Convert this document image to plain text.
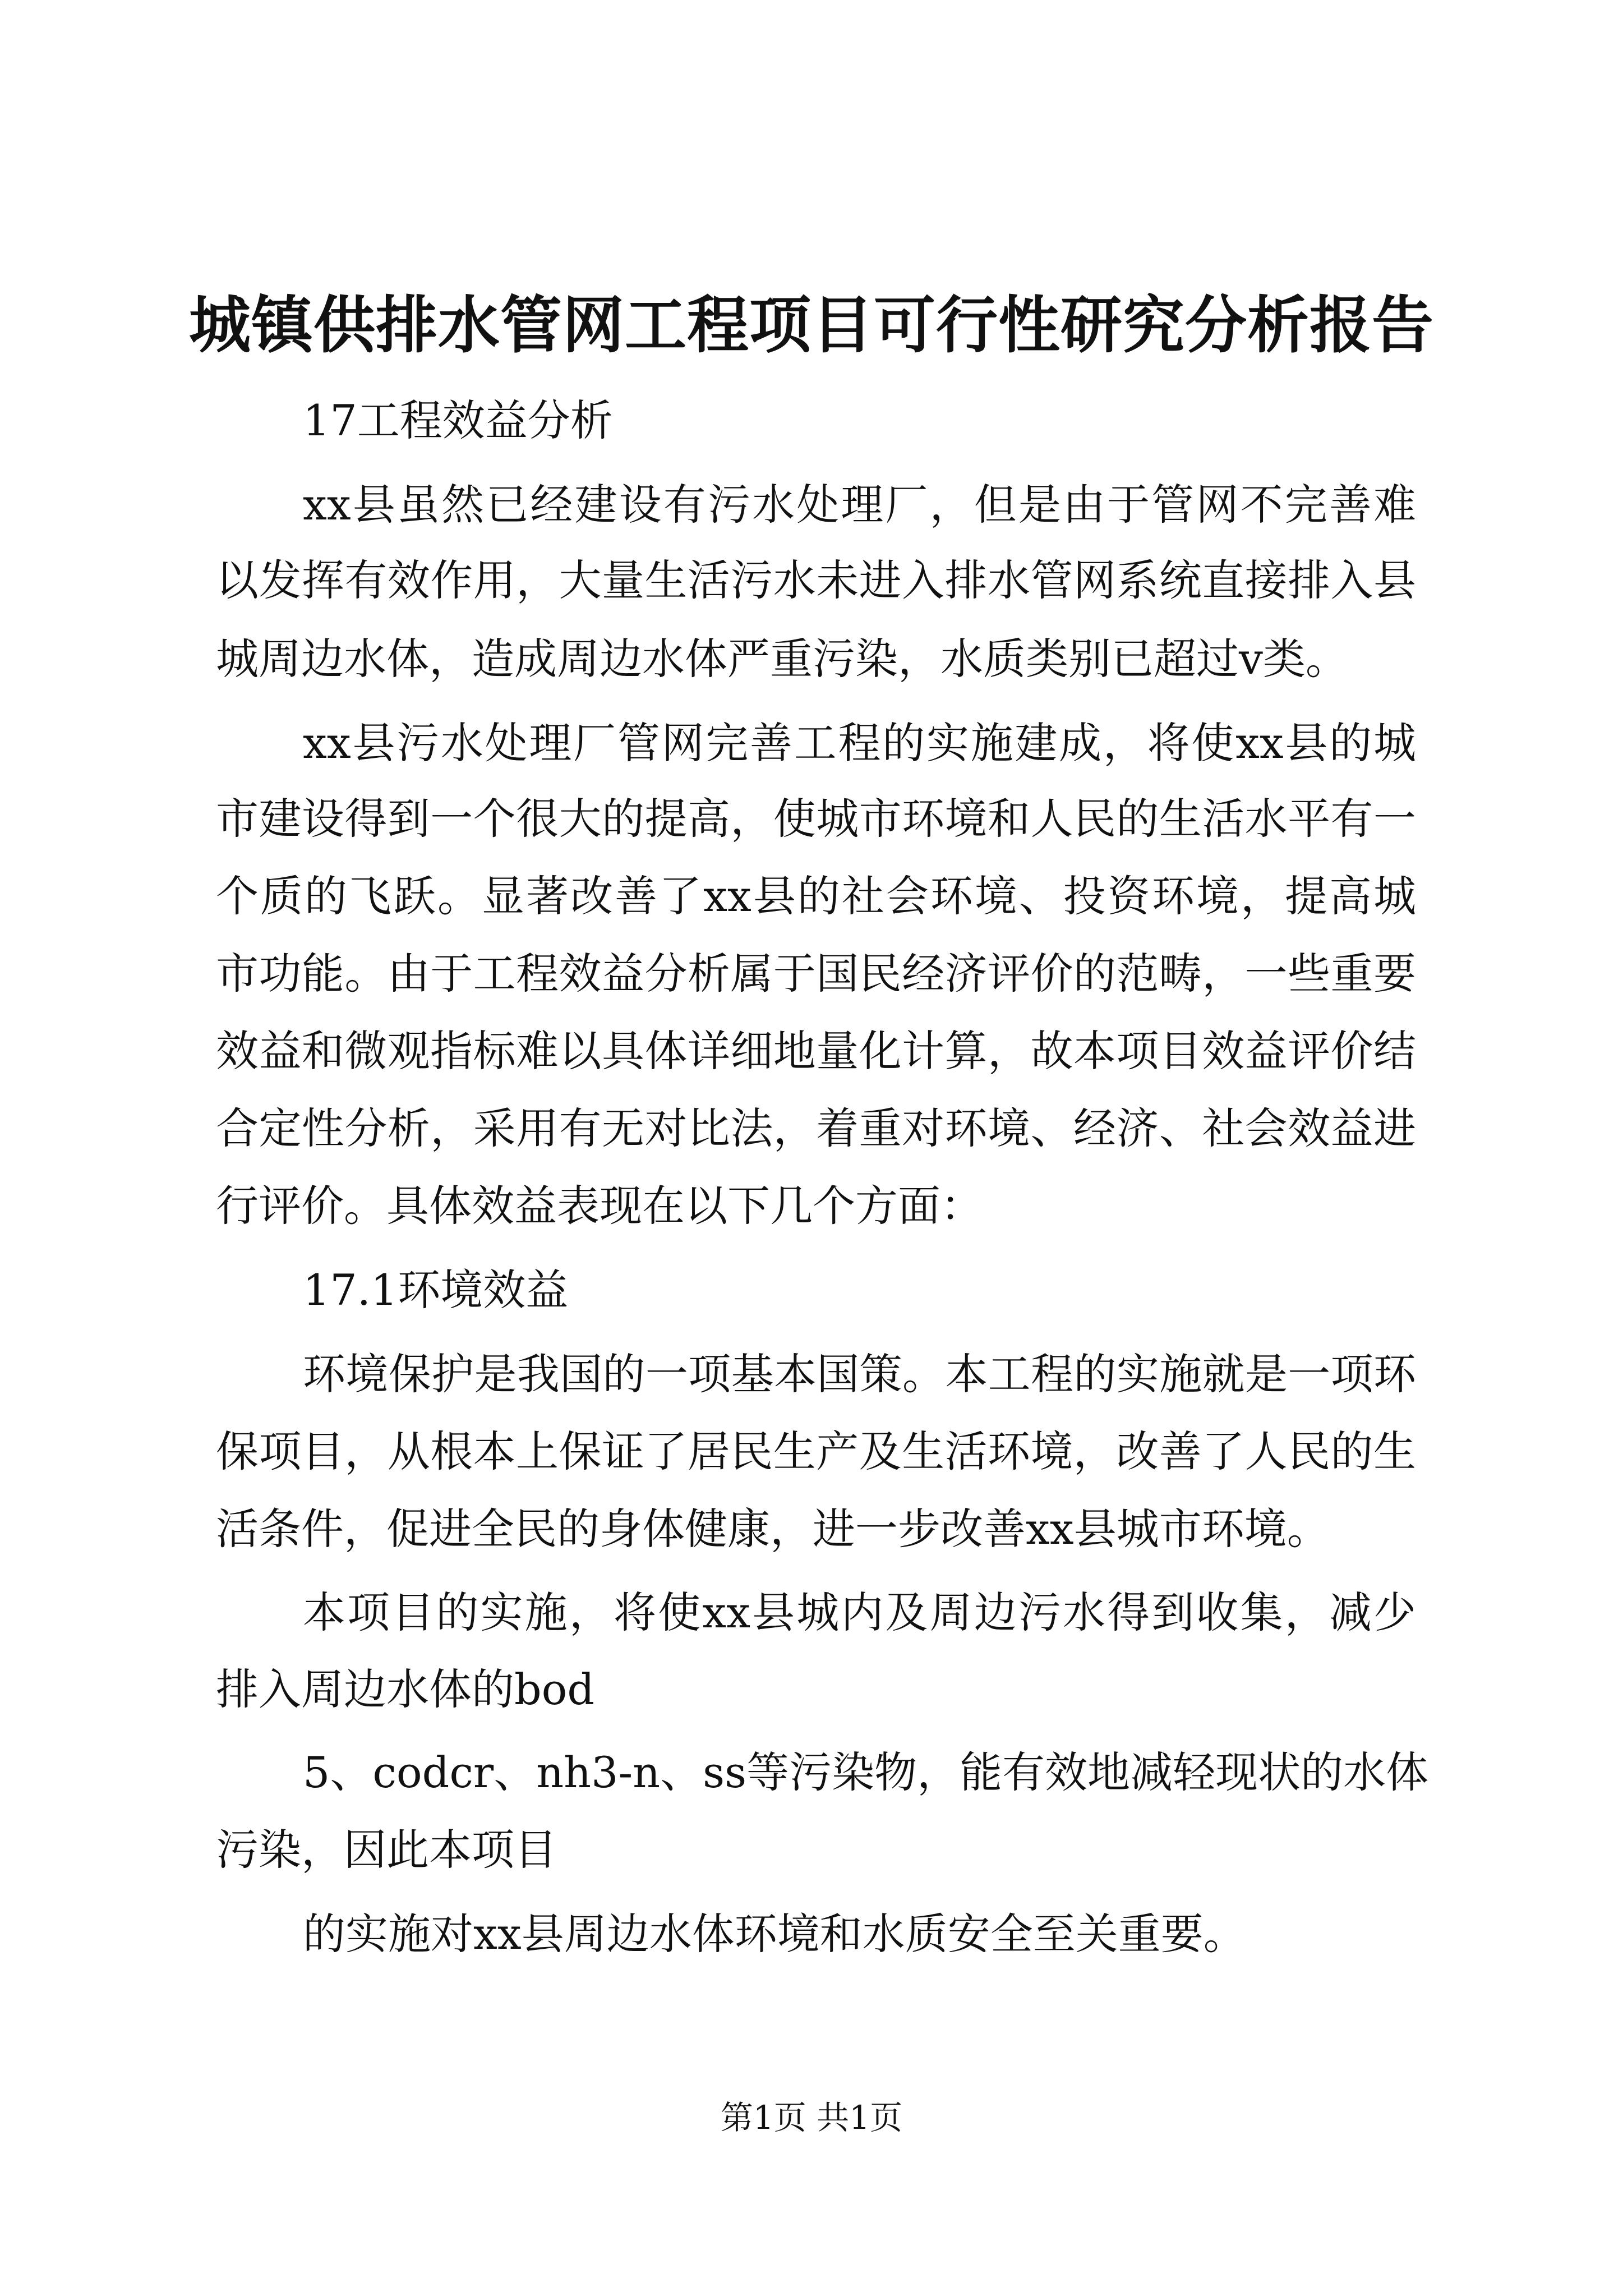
城镇供排水管网工程项目可行性研究分析报告
17工程效益分析
xx县虽然已经建设有污水处理厂，但是由于管网不完善难
以发挥有效作用，大量生活污水未进入排水管网系统直接排入县
城周边水体，造成周边水体严重污染，水质类别已超过v类。
xx县污水处理厂管网完善工程的实施建成，将使xx县的城
市建设得到一个很大的提高，使城市环境和人民的生活水平有一
个质的飞跃。显著改善了xx县的社会环境、投资环境，提高城
市功能。由于工程效益分析属于国民经济评价的范畴，一些重要
效益和微观指标难以具体详细地量化计算，故本项目效益评价结
合定性分析，采用有无对比法，着重对环境、经济、社会效益进
行评价。具体效益表现在以下几个方面：
17.1环境效益
环境保护是我国的一项基本国策。本工程的实施就是一项环
保项目，从根本上保证了居民生产及生活环境，改善了人民的生
活条件，促进全民的身体健康，进一步改善xx县城市环境。
本项目的实施，将使xx县城内及周边污水得到收集，减少
排入周边水体的bod
5、codcr、nh3-n、ss等污染物，能有效地减轻现状的水体
污染，因此本项目
的实施对xx县周边水体环境和水质安全至关重要。
第1页 共1页
